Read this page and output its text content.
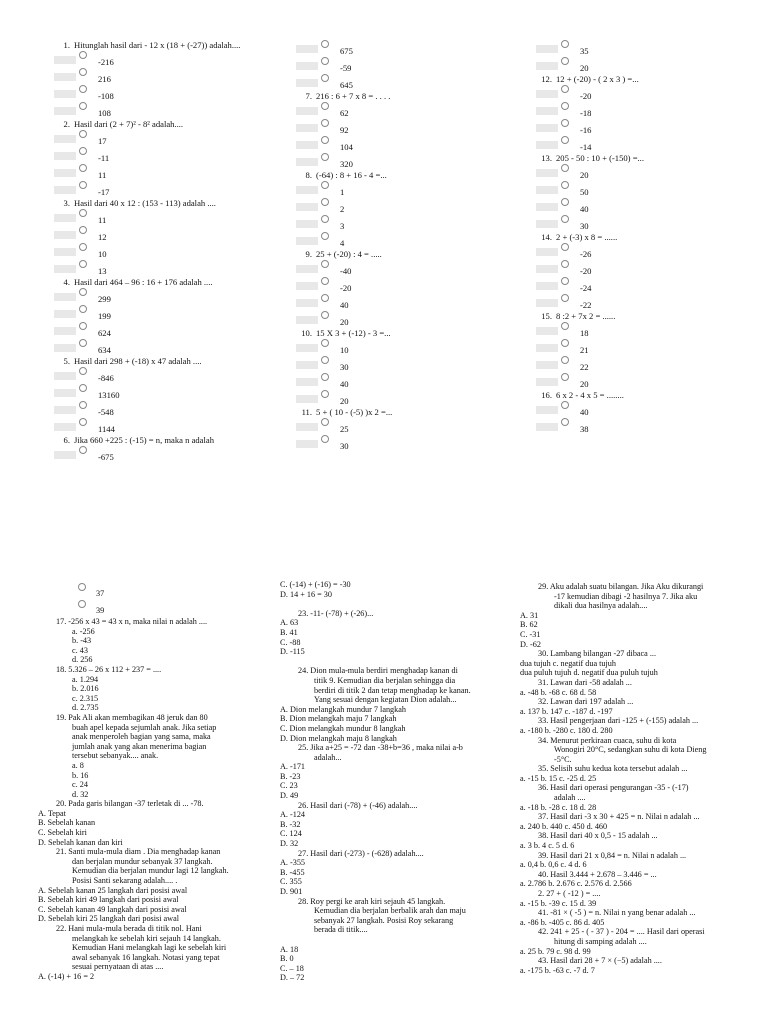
1. Hitunglah hasil dari - 12 x (18 + (-27)) adalah....
-216
216
-108
108
2. Hasil dari (2 + 7)² - 8² adalah....
17
-11
11
-17
3. Hasil dari 40 x 12 : (153 - 113) adalah ....
11
12
10
13
4. Hasil dari 464 – 96 : 16 + 176 adalah ....
299
199
624
634
5. Hasil dari 298 + (-18) x 47 adalah ....
-846
13160
-548
1144
6. Jika 660 +225 : (-15) = n, maka n adalah
-675
675
-59
645
7. 216 : 6 + 7 x 8 = . . . .
62
92
104
320
8. (-64) : 8 + 16 - 4 =...
1
2
3
4
9. 25 + (-20) : 4 = .....
-40
-20
40
20
10. 15 X 3 + (-12) - 3 =...
10
30
40
20
11. 5 + ( 10 - (-5) )x 2 =...
25
30
35
20
12. 12 + (-20) - ( 2 x 3 ) =...
-20
-18
-16
-14
13. 205 - 50 : 10 + (-150) =...
20
50
40
30
14. 2 + (-3) x 8 = ......
-26
-20
-24
-22
15. 8 :2 + 7x 2 = ......
18
21
22
20
16. 6 x 2 - 4 x 5 = ........
40
38
37
39
17. -256 x 43 = 43 x n, maka nilai n adalah ....
a. -256
b. -43
c. 43
d. 256
18. 5.326 – 26 x 112 + 237 = ....
a. 1.294
b. 2.016
c. 2.315
d. 2.735
19. Pak Ali akan membagikan 48 jeruk dan 80
buah apel kepada sejumlah anak. Jika setiap
anak menperoleh bagian yang sama, maka
jumlah anak yang akan menerima bagian
tersebut sebanyak.... anak.
a. 8
b. 16
c. 24
d. 32
20. Pada garis bilangan -37 terletak di ... -78.
A. Tepat
B. Sebelah kanan
C. Sebelah kiri
D. Sebelah kanan dan kiri
21. Santi mula-mula diam . Dia menghadap kanan
dan berjalan mundur sebanyak 37 langkah.
Kemudian dia berjalan mundur lagi 12 langkah.
Posisi Santi sekarang adalah.... .
A. Sebelah kanan 25 langkah dari posisi awal
B. Sebelah kiri 49 langkah dari posisi awal
C. Sebelah kanan 49 langkah dari posisi awal
D. Sebelah kiri 25 langkah dari posisi awal
22. Hani mula-mula berada di titik nol. Hani
melangkah ke sebelah kiri sejauh 14 langkah.
Kemudian Hani melangkah lagi ke sebelah kiri
awal sebanyak 16 langkah. Notasi yang tepat
sesuai pernyataan di atas ....
A. (-14) + 16 = 2
C. (-14) + (-16) = -30
D. 14 + 16 = 30
23. -11- (-78) + (-26)...
A. 63
B. 41
C. -88
D. -115
24. Dion mula-mula berdiri menghadap kanan di
titik 9. Kemudian dia berjalan sehingga dia
berdiri di titik 2 dan tetap menghadap ke kanan.
Yang sesuai dengan kegiatan Dion adalah...
A. Dion melangkah mundur 7 langkah
B. Dion melangkah maju 7 langkah
C. Dion melangkah mundur 8 langkah
D. Dion melangkah maju 8 langkah
25. Jika a+25 = -72 dan -38+b=36 , maka nilai a-b
adalah...
A. -171
B. -23
C. 23
D. 49
26. Hasil dari (-78) + (-46) adalah....
A. -124
B. -32
C. 124
D. 32
27. Hasil dari (-273) - (-628) adalah....
A. -355
B. -455
C. 355
D. 901
28. Roy pergi ke arah kiri sejauh 45 langkah.
Kemudian dia berjalan berbalik arah dan maju
sebanyak 27 langkah. Posisi Roy sekarang
berada di titik....
A. 18
B. 0
C. – 18
D. – 72
29. Aku adalah suatu bilangan. Jika Aku dikurangi
-17 kemudian dibagi -2 hasilnya 7. Jika aku
dikali dua hasilnya adalah....
A. 31
B. 62
C. -31
D. -62
30. Lambang bilangan -27 dibaca ...
dua tujuh c. negatif dua tujuh
dua puluh tujuh d. negatif dua puluh tujuh
31. Lawan dari -58 adalah ...
a. -48 b. -68 c. 68 d. 58
32. Lawan dari 197 adalah ...
a. 137 b. 147 c. -187 d. -197
33. Hasil pengerjaan dari -125 + (-155) adalah ...
a. -180 b. -280 c. 180 d. 280
34. Menurut perkiraan cuaca, suhu di kota
Wonogiri 20°C, sedangkan suhu di kota Dieng
-5°C.
35. Selisih suhu kedua kota tersebut adalah ...
a. -15 b. 15 c. -25 d. 25
36. Hasil dari operasi pengurangan -35 - (-17)
adalah ....
a. -18 b. -28 c. 18 d. 28
37. Hasil dari -3 x 30 + 425 = n. Nilai n adalah ...
a. 240 b. 440 c. 450 d. 460
38. Hasil dari 40 x 0,5 - 15 adalah ...
a. 3 b. 4 c. 5 d. 6
39. Hasil dari 21 x 0,84 = n. Nilai n adalah ...
a. 0,4 b. 0,6 c. 4 d. 6
40. Hasil 3.444 + 2.678 – 3.446 = ...
a. 2.786 b. 2.676 c. 2.576 d. 2.566
2. 27 + ( -12 ) = ....
a. -15 b. -39 c. 15 d. 39
41. -81 × ( -5 ) = n. Nilai n yang benar adalah ...
a. -86 b. -405 c. 86 d. 405
42. 241 + 25 - ( - 37 ) - 204 = .... Hasil dari operasi
hitung di samping adalah ....
a. 25 b. 79 c. 98 d. 99
43. Hasil dari 28 + 7 × (−5) adalah ....
a. -175 b. -63 c. -7 d. 7
